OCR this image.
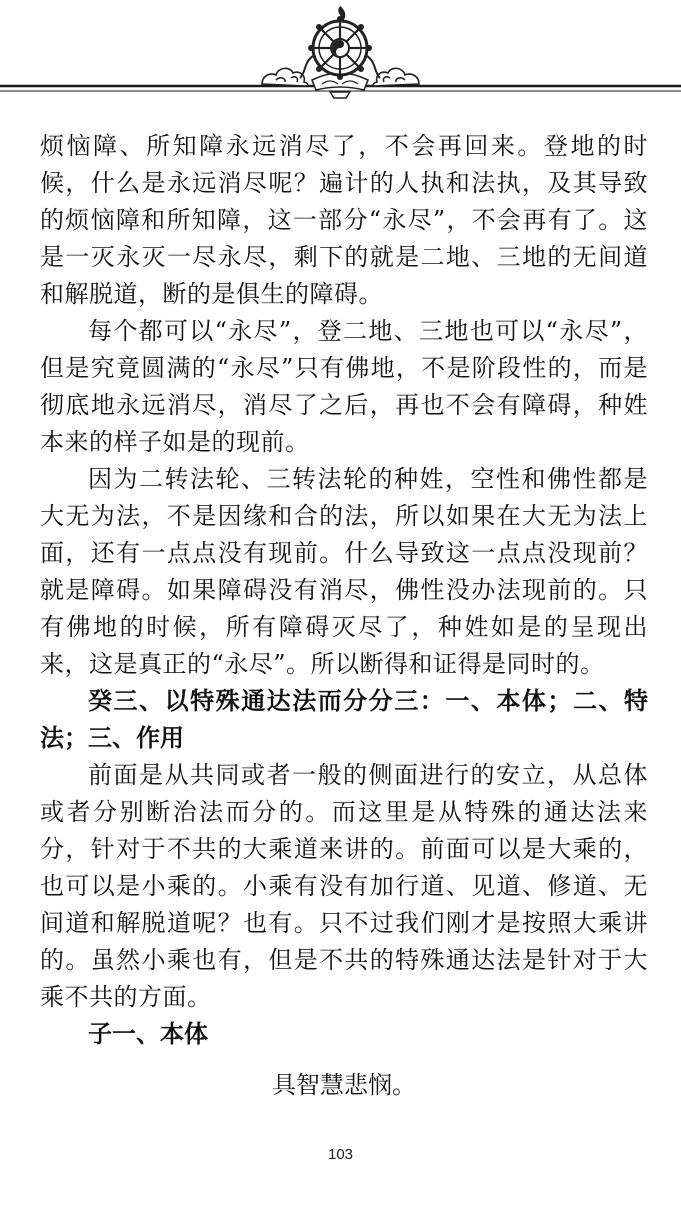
烦恼障、所知障永远消尽了，不会再回来。登地的时候，什么是永远消尽呢？遍计的人执和法执，及其导致的烦恼障和所知障，这一部分“永尽”，不会再有了。这是一灭永灭一尽永尽，剩下的就是二地、三地的无间道和解脱道，断的是俱生的障碍。

每个都可以“永尽”，登二地、三地也可以“永尽”，但是究竟圆满的“永尽”只有佛地，不是阶段性的，而是彻底地永远消尽，消尽了之后，再也不会有障碍，种姓本来的样子如是的现前。

因为二转法轮、三转法轮的种姓，空性和佛性都是大无为法，不是因缘和合的法，所以如果在大无为法上面，还有一点点没有现前。什么导致这一点点没现前？就是障碍。如果障碍没有消尽，佛性没办法现前的。只有佛地的时候，所有障碍灭尽了，种姓如是的呈现出来，这是真正的“永尽”。所以断得和证得是同时的。

癸三、以特殊通达法而分分三：一、本体；二、特法；三、作用

前面是从共同或者一般的侧面进行的安立，从总体或者分别断治法而分的。而这里是从特殊的通达法来分，针对于不共的大乘道来讲的。前面可以是大乘的，也可以是小乘的。小乘有没有加行道、见道、修道、无间道和解脱道呢？也有。只不过我们刚才是按照大乘讲的。虽然小乘也有，但是不共的特殊通达法是针对于大乘不共的方面。

子一、本体

具智慧悲悯。

103
